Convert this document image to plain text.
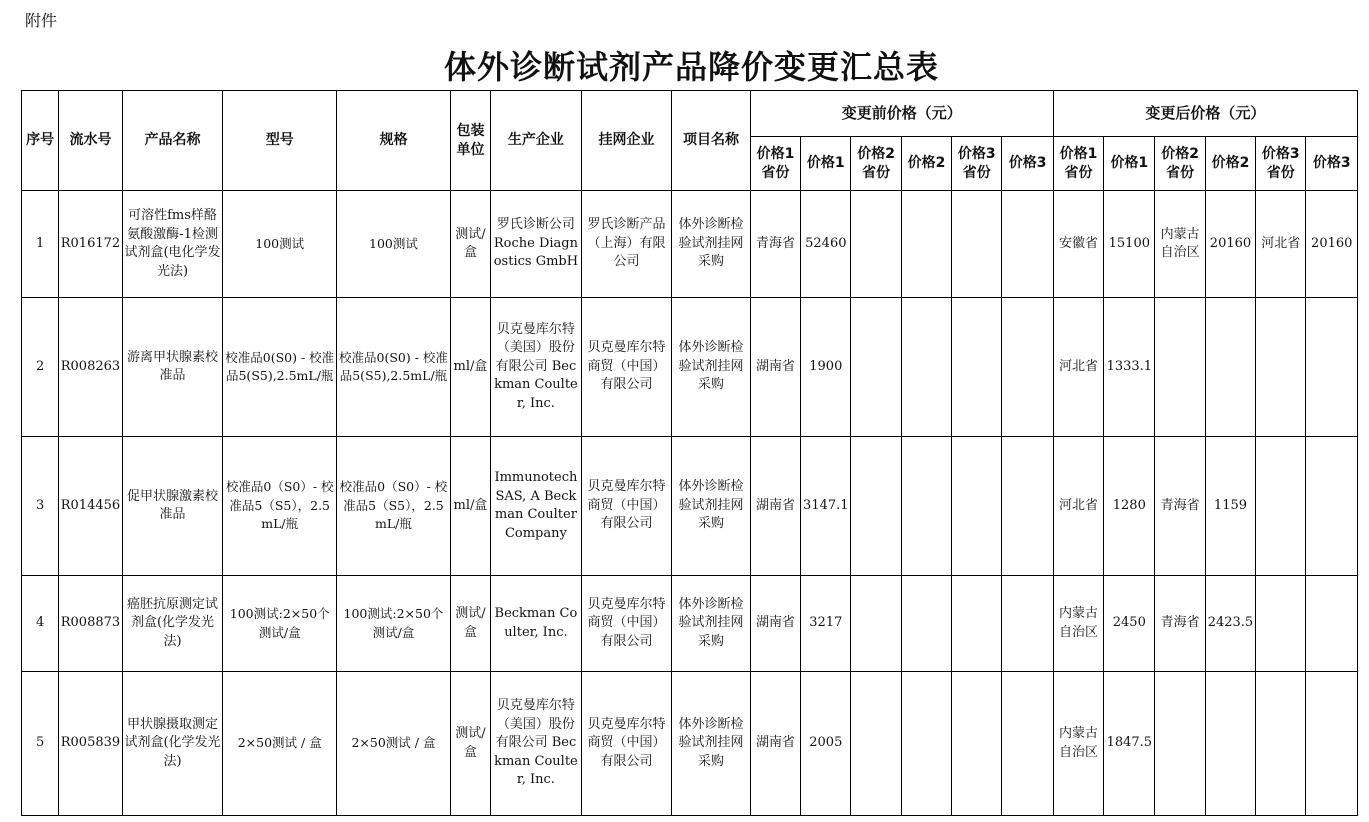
附件
体外诊断试剂产品降价变更汇总表
序号	流水号	产品名称	型号	规格	包装单位	生产企业	挂网企业	项目名称	变更前价格（元）						变更后价格（元）					
									价格1省份	价格1	价格2省份	价格2	价格3省份	价格3	价格1省份	价格1	价格2省份	价格2	价格3省份	价格3
1	R016172	可溶性fms样酪氨酸激酶-1检测试剂盒(电化学发光法)	100测试	100测试	测试/盒	罗氏诊断公司 Roche Diagnostics GmbH	罗氏诊断产品（上海）有限公司	体外诊断检验试剂挂网采购	青海省	52460					安徽省	15100	内蒙古自治区	20160	河北省	20160
2	R008263	游离甲状腺素校准品	校准品0(S0) - 校准品5(S5),2.5mL/瓶	校准品0(S0) - 校准品5(S5),2.5mL/瓶	ml/盒	贝克曼库尔特（美国）股份有限公司 Beckman Coulter, Inc.	贝克曼库尔特商贸（中国）有限公司	体外诊断检验试剂挂网采购	湖南省	1900					河北省	1333.1				
3	R014456	促甲状腺激素校准品	校准品0（S0）- 校准品5（S5），2.5mL/瓶	校准品0（S0）- 校准品5（S5），2.5mL/瓶	ml/盒	Immunotech SAS, A Beckman Coulter Company	贝克曼库尔特商贸（中国）有限公司	体外诊断检验试剂挂网采购	湖南省	3147.1					河北省	1280	青海省	1159		
4	R008873	癌胚抗原测定试剂盒(化学发光法)	100测试:2×50个测试/盒	100测试:2×50个测试/盒	测试/盒	Beckman Coulter, Inc.	贝克曼库尔特商贸（中国）有限公司	体外诊断检验试剂挂网采购	湖南省	3217					内蒙古自治区	2450	青海省	2423.5		
5	R005839	甲状腺摄取测定试剂盒(化学发光法)	2×50测试 / 盒	2×50测试 / 盒	测试/盒	贝克曼库尔特（美国）股份有限公司 Beckman Coulter, Inc.	贝克曼库尔特商贸（中国）有限公司	体外诊断检验试剂挂网采购	湖南省	2005					内蒙古自治区	1847.5				
